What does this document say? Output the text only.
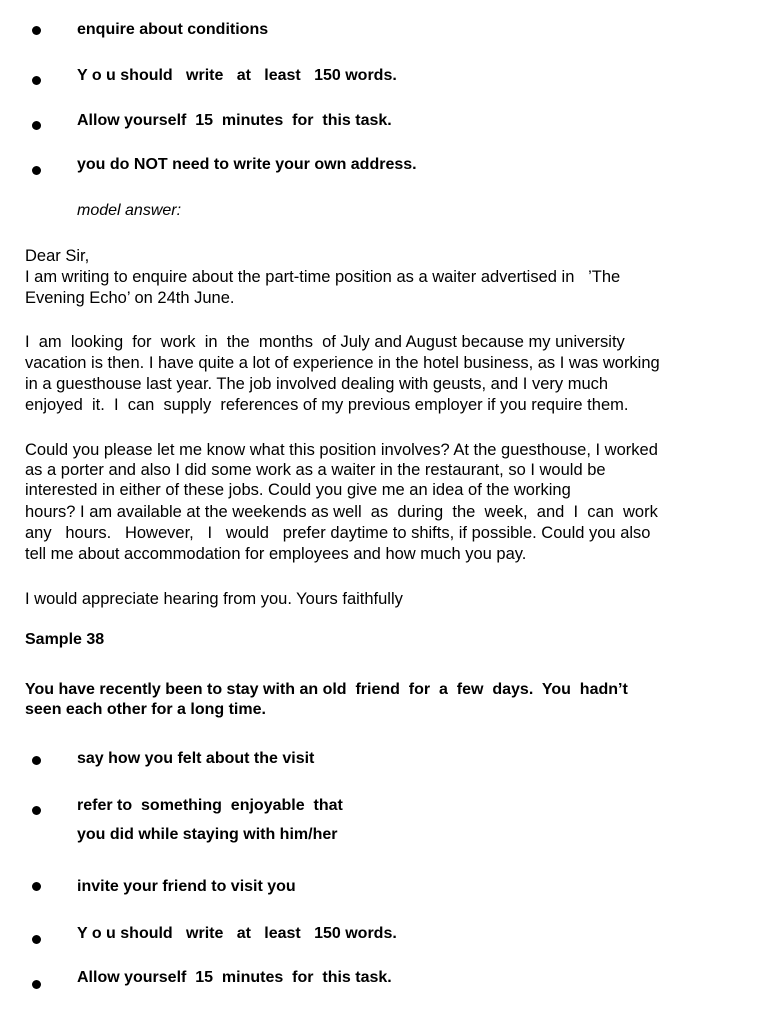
enquire about conditions
Y o u should   write   at   least   150 words.
Allow yourself  15  minutes  for  this task.
you do NOT need to write your own address.
model answer:
Dear Sir,
I am writing to enquire about the part-time position as a waiter advertised in   ’The
Evening Echo’ on 24th June.
I  am  looking  for  work  in  the  months  of July and August because my university
vacation is then. I have quite a lot of experience in the hotel business, as I was working
in a guesthouse last year. The job involved dealing with geusts, and I very much
enjoyed  it.  I  can  supply  references of my previous employer if you require them.
Could you please let me know what this position involves? At the guesthouse, I worked
as a porter and also I did some work as a waiter in the restaurant, so I would be
interested in either of these jobs. Could you give me an idea of the working
hours? I am available at the weekends as well  as  during  the  week,  and  I  can  work
any   hours.   However,   I   would   prefer daytime to shifts, if possible. Could you also
tell me about accommodation for employees and how much you pay.
I would appreciate hearing from you. Yours faithfully
Sample 38
You have recently been to stay with an old  friend  for  a  few  days.  You  hadn’t
seen each other for a long time.
say how you felt about the visit
refer to  something  enjoyable  that
you did while staying with him/her
invite your friend to visit you
Y o u should   write   at   least   150 words.
Allow yourself  15  minutes  for  this task.
